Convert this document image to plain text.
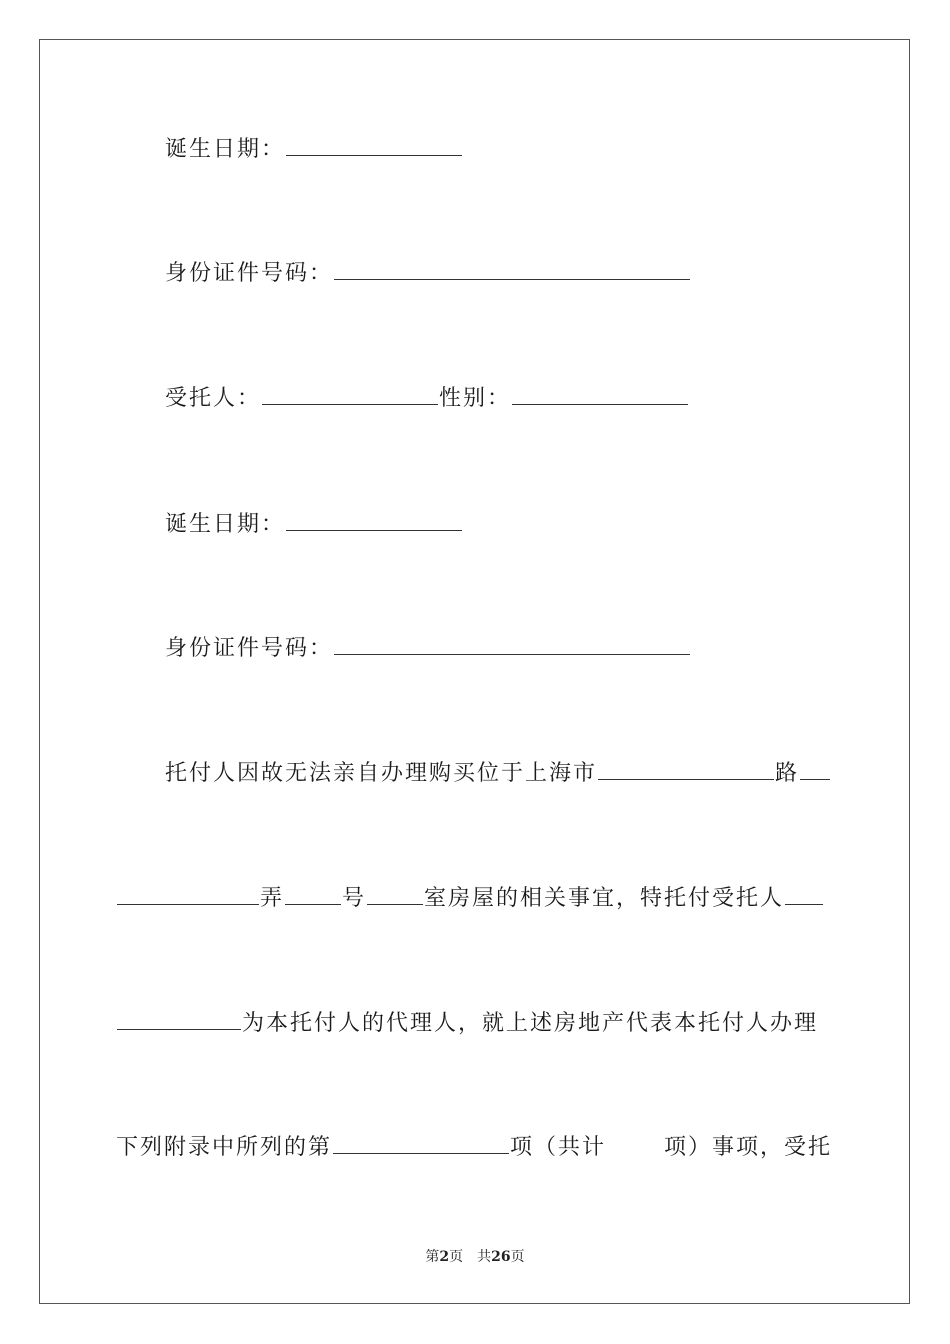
诞生日期：
身份证件号码：
受托人：	性别：
诞生日期：
身份证件号码：
托付人因故无法亲自办理购买位于上海市	路
弄	号	室房屋的相关事宜，特托付受托人
为本托付人的代理人，就上述房地产代表本托付人办理
下列附录中所列的第	项（共计	项）事项，受托
第2页　共26页
